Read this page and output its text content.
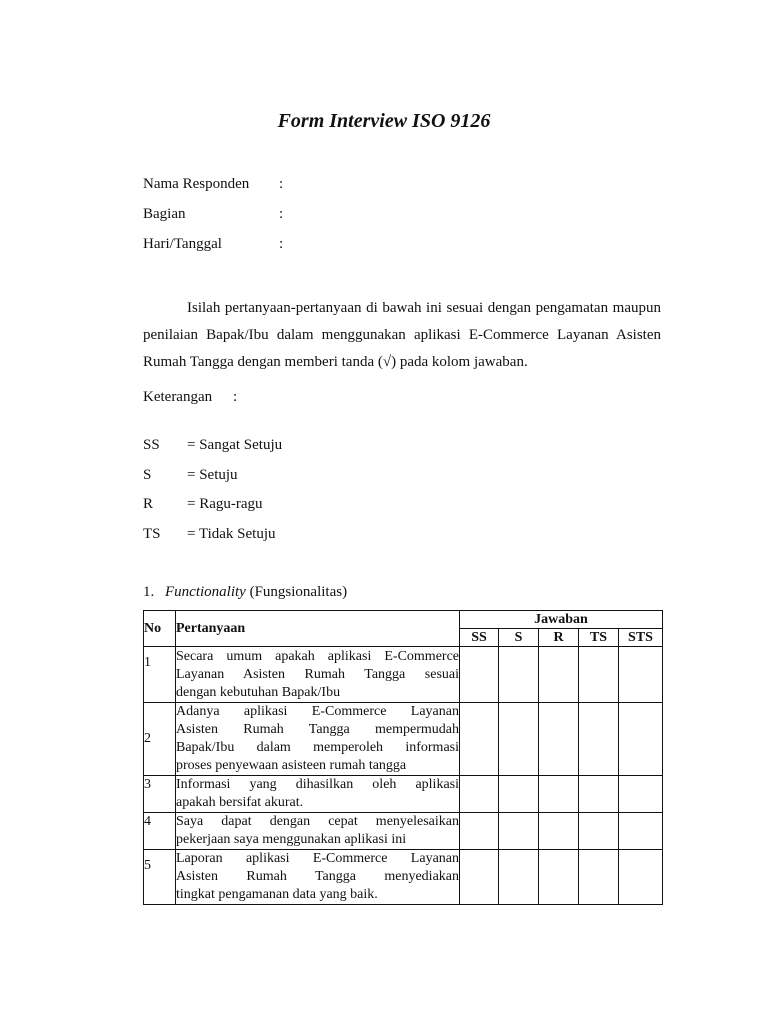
Form Interview ISO 9126
Nama Responden :
Bagian	:
Hari/Tanggal	:
Isilah pertanyaan-pertanyaan di bawah ini sesuai dengan pengamatan maupun
penilaian Bapak/Ibu dalam menggunakan aplikasi E-Commerce Layanan Asisten
Rumah Tangga dengan memberi tanda (√) pada kolom jawaban.
Keterangan :
SS = Sangat Setuju
S = Setuju
R = Ragu-ragu
TS = Tidak Setuju
1. Functionality (Fungsionalitas)
No	Pertanyaan	Jawaban				
		SS	S	R	TS	STS
1	Secara umum apakah aplikasi E-Commerce
Layanan Asisten Rumah Tangga sesuai
dengan kebutuhan Bapak/Ibu					

2	Adanya aplikasi E-Commerce Layanan
Asisten Rumah Tangga mempermudah
Bapak/Ibu dalam memperoleh informasi
proses penyewaan asisteen rumah tangga					

3	Informasi yang dihasilkan oleh aplikasi
apakah bersifat akurat.					

4	Saya dapat dengan cepat menyelesaikan
pekerjaan saya menggunakan aplikasi ini					

5	Laporan aplikasi E-Commerce Layanan
Asisten Rumah Tangga menyediakan
tingkat pengamanan data yang baik.					
